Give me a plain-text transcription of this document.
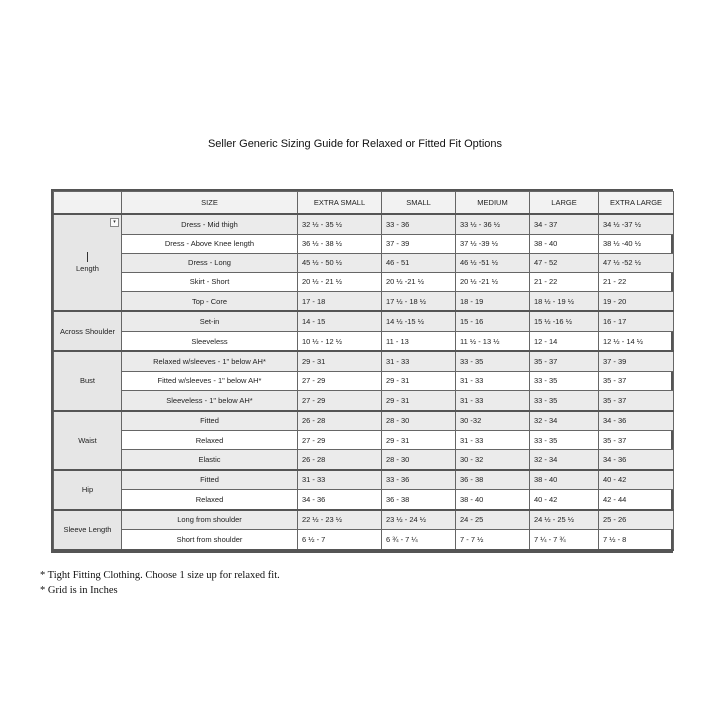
Seller Generic Sizing Guide for Relaxed or Fitted Fit Options
	SIZE	EXTRA SMALL	SMALL	MEDIUM	LARGE	EXTRA LARGE

▾
Length	Dress - Mid thigh	32 ½ - 35 ½	33 - 36	33 ½ - 36 ½	34 - 37	34 ½ -37 ½
	Dress - Above Knee length	36 ½ - 38 ½	37 - 39	37 ½ -39 ½	38 - 40	38 ½ -40 ½
	Dress - Long	45 ½ - 50 ½	46 - 51	46 ½ -51 ½	47 - 52	47 ½ -52 ½
	Skirt - Short	20 ½ - 21 ½	20 ½ -21 ½	20 ½ -21 ½	21 - 22	21 - 22
	Top - Core	17 - 18	17 ½ - 18 ½	18 - 19	18 ½ - 19 ½	19 - 20
Across Shoulder	Set-in	14 - 15	14 ½ -15 ½	15 - 16	15 ½ -16 ½	16 - 17
	Sleeveless	10 ½ - 12 ½	11 - 13	11 ½ - 13 ½	12 - 14	12 ½ - 14 ½
Bust	Relaxed w/sleeves - 1" below AH*	29 - 31	31 - 33	33 - 35	35 - 37	37 - 39
	Fitted w/sleeves - 1" below AH*	27 - 29	29 - 31	31 - 33	33 - 35	35 - 37
	Sleeveless - 1" below AH*	27 - 29	29 - 31	31 - 33	33 - 35	35 - 37
Waist	Fitted	26 - 28	28 - 30	30 -32	32 - 34	34 - 36
	Relaxed	27 - 29	29 - 31	31 - 33	33 - 35	35 - 37
	Elastic	26 - 28	28 - 30	30 - 32	32 - 34	34 - 36
Hip	Fitted	31 - 33	33 - 36	36 - 38	38 - 40	40 - 42
	Relaxed	34 - 36	36 - 38	38 - 40	40 - 42	42 - 44
Sleeve Length	Long from shoulder	22 ½ - 23 ½	23 ½ - 24 ½	24 - 25	24 ½ - 25 ½	25 - 26
	Short from shoulder	6 ½ - 7	6 ¾ - 7 ¼	7 - 7 ½	7 ¼ - 7 ¾	7 ½ - 8
* Tight Fitting Clothing. Choose 1 size up for relaxed fit.
* Grid is in Inches
